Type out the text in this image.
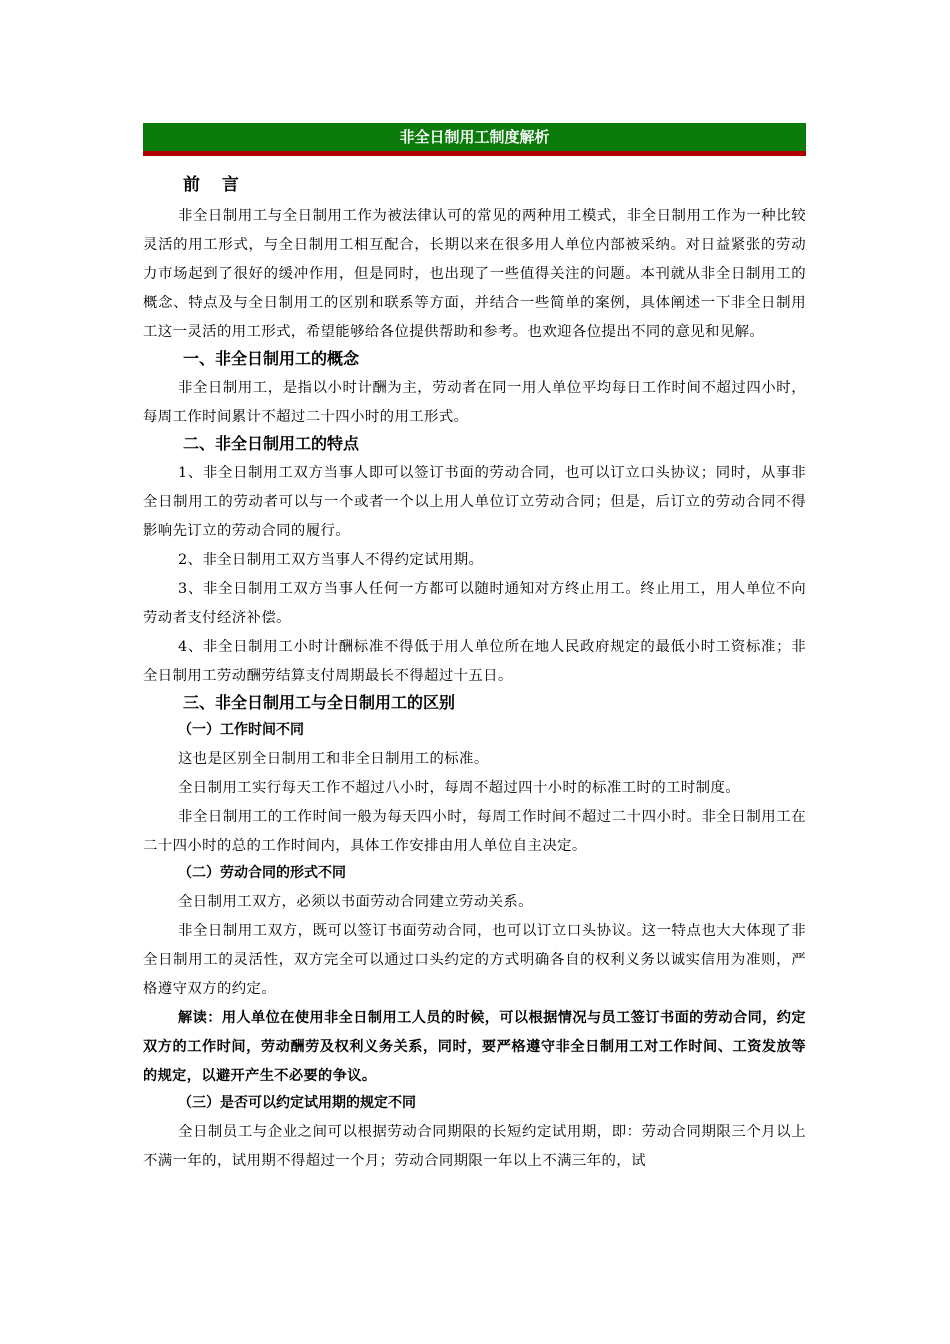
非全日制用工制度解析
前 言

非全日制用工与全日制用工作为被法律认可的常见的两种用工模式，非全日制用工作为一种比较灵活的用工形式，与全日制用工相互配合，长期以来在很多用人单位内部被采纳。对日益紧张的劳动力市场起到了很好的缓冲作用，但是同时，也出现了一些值得关注的问题。本刊就从非全日制用工的概念、特点及与全日制用工的区别和联系等方面，并结合一些简单的案例，具体阐述一下非全日制用工这一灵活的用工形式，希望能够给各位提供帮助和参考。也欢迎各位提出不同的意见和见解。

一、非全日制用工的概念

非全日制用工，是指以小时计酬为主，劳动者在同一用人单位平均每日工作时间不超过四小时，每周工作时间累计不超过二十四小时的用工形式。

二、非全日制用工的特点

1、非全日制用工双方当事人即可以签订书面的劳动合同，也可以订立口头协议；同时，从事非全日制用工的劳动者可以与一个或者一个以上用人单位订立劳动合同；但是，后订立的劳动合同不得影响先订立的劳动合同的履行。

2、非全日制用工双方当事人不得约定试用期。

3、非全日制用工双方当事人任何一方都可以随时通知对方终止用工。终止用工，用人单位不向劳动者支付经济补偿。

4、非全日制用工小时计酬标准不得低于用人单位所在地人民政府规定的最低小时工资标准；非全日制用工劳动酬劳结算支付周期最长不得超过十五日。

三、非全日制用工与全日制用工的区别
（一）工作时间不同

这也是区别全日制用工和非全日制用工的标准。

全日制用工实行每天工作不超过八小时，每周不超过四十小时的标准工时的工时制度。

非全日制用工的工作时间一般为每天四小时，每周工作时间不超过二十四小时。非全日制用工在二十四小时的总的工作时间内，具体工作安排由用人单位自主决定。

（二）劳动合同的形式不同

全日制用工双方，必须以书面劳动合同建立劳动关系。

非全日制用工双方，既可以签订书面劳动合同，也可以订立口头协议。这一特点也大大体现了非全日制用工的灵活性，双方完全可以通过口头约定的方式明确各自的权利义务以诚实信用为准则，严格遵守双方的约定。

解读：用人单位在使用非全日制用工人员的时候，可以根据情况与员工签订书面的劳动合同，约定双方的工作时间，劳动酬劳及权利义务关系，同时，要严格遵守非全日制用工对工作时间、工资发放等的规定，以避开产生不必要的争议。

（三）是否可以约定试用期的规定不同

全日制员工与企业之间可以根据劳动合同期限的长短约定试用期，即：劳动合同期限三个月以上不满一年的，试用期不得超过一个月；劳动合同期限一年以上不满三年的，试
